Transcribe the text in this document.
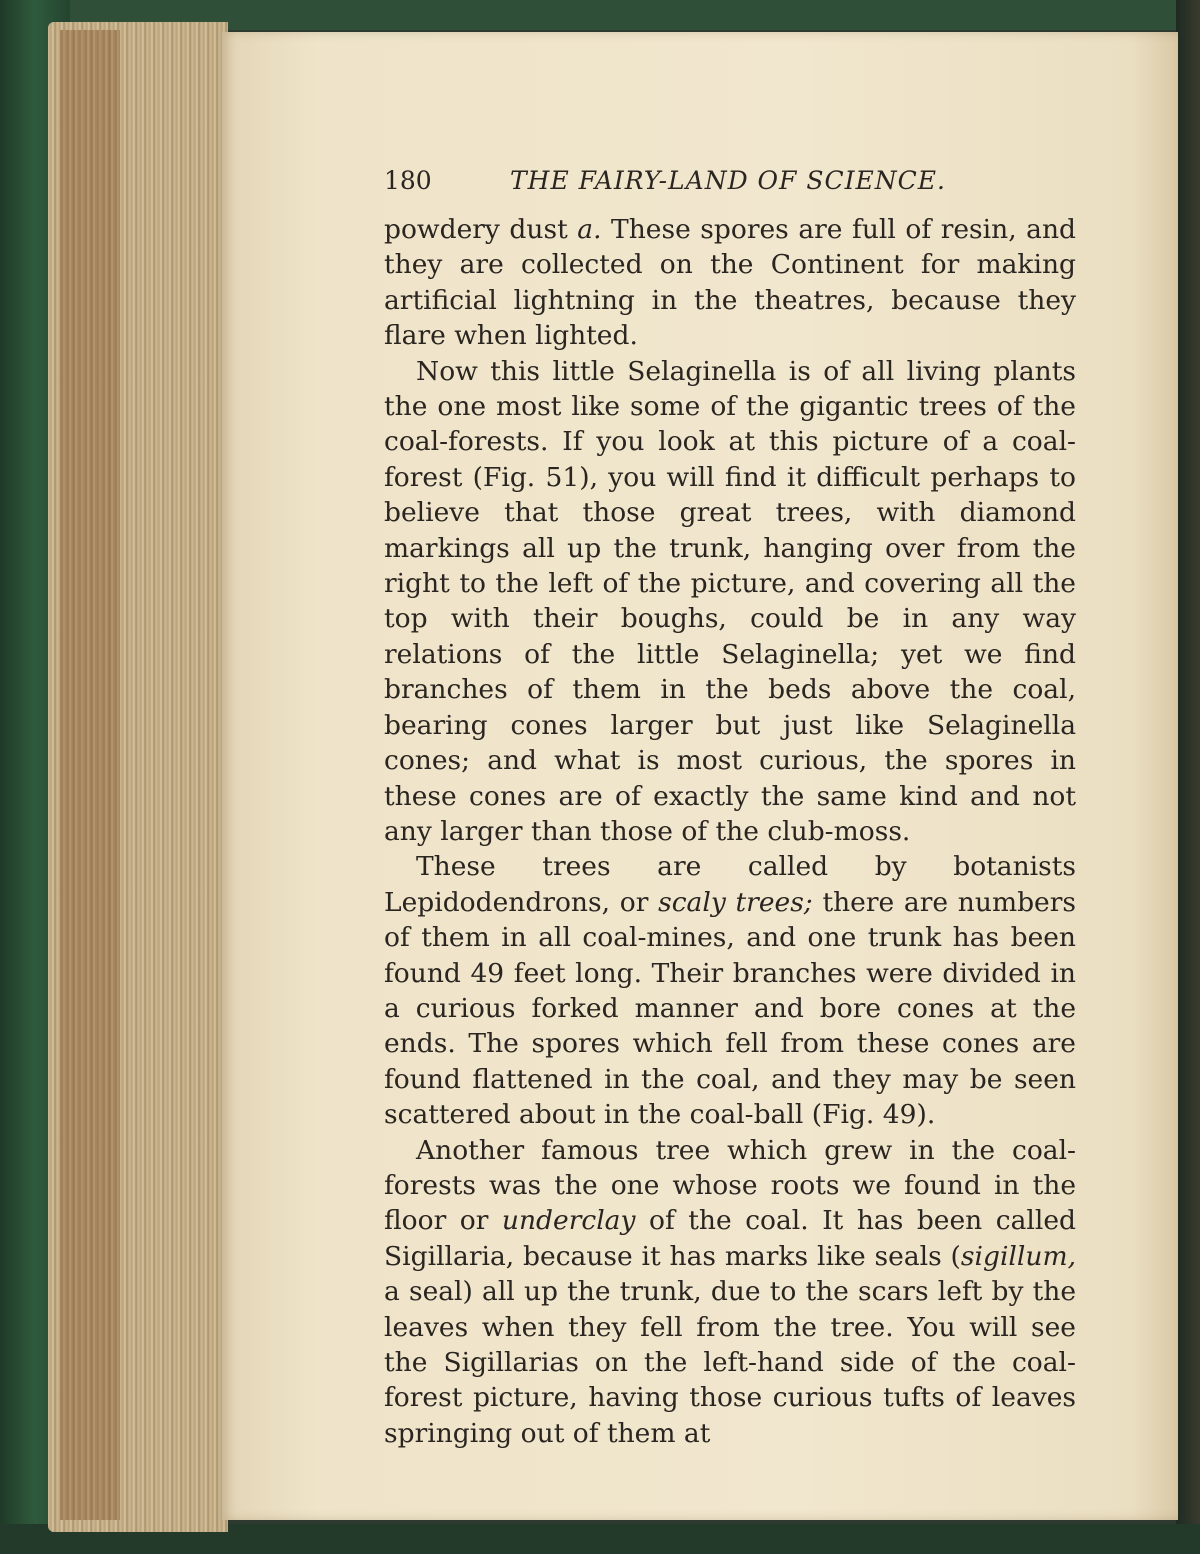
180	THE FAIRY-LAND OF SCIENCE.

powdery dust a. These spores are full of resin, and they are collected on the Continent for making artificial lightning in the theatres, because they flare when lighted.

Now this little Selaginella is of all living plants the one most like some of the gigantic trees of the coal-forests. If you look at this picture of a coal-forest (Fig. 51), you will find it difficult perhaps to believe that those great trees, with diamond markings all up the trunk, hanging over from the right to the left of the picture, and covering all the top with their boughs, could be in any way relations of the little Selaginella; yet we find branches of them in the beds above the coal, bearing cones larger but just like Selaginella cones; and what is most curious, the spores in these cones are of exactly the same kind and not any larger than those of the club-moss.

These trees are called by botanists Lepidodendrons, or scaly trees; there are numbers of them in all coal-mines, and one trunk has been found 49 feet long. Their branches were divided in a curious forked manner and bore cones at the ends. The spores which fell from these cones are found flattened in the coal, and they may be seen scattered about in the coal-ball (Fig. 49).

Another famous tree which grew in the coal-forests was the one whose roots we found in the floor or underclay of the coal. It has been called Sigillaria, because it has marks like seals (sigillum, a seal) all up the trunk, due to the scars left by the leaves when they fell from the tree. You will see the Sigillarias on the left-hand side of the coal-forest picture, having those curious tufts of leaves springing out of them at
